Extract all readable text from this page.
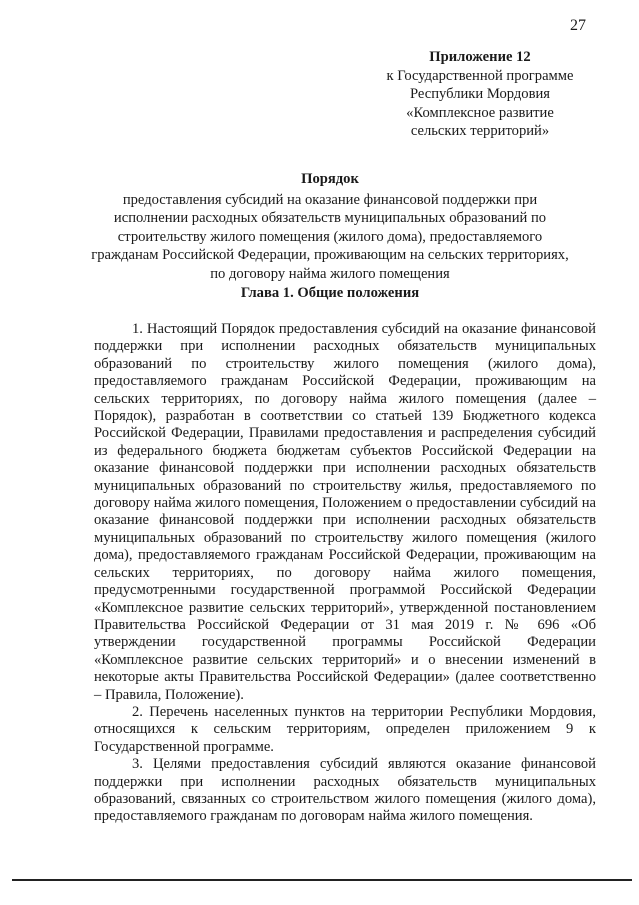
27
Приложение 12
к Государственной программе
Республики Мордовия
«Комплексное развитие
сельских территорий»
Порядок
предоставления субсидий на оказание финансовой поддержки при
исполнении расходных обязательств муниципальных образований по
строительству жилого помещения (жилого дома), предоставляемого
гражданам Российской Федерации, проживающим на сельских территориях,
по договору найма жилого помещения
Глава 1. Общие положения

1. Настоящий Порядок предоставления субсидий на оказание финансовой поддержки при исполнении расходных обязательств муниципальных образований по строительству жилого помещения (жилого дома), предоставляемого гражданам Российской Федерации, проживающим на сельских территориях, по договору найма жилого помещения (далее – Порядок), разработан в соответствии со статьей 139 Бюджетного кодекса Российской Федерации, Правилами предоставления и распределения субсидий из федерального бюджета бюджетам субъектов Российской Федерации на оказание финансовой поддержки при исполнении расходных обязательств муниципальных образований по строительству жилья, предоставляемого по договору найма жилого помещения, Положением о предоставлении субсидий на оказание финансовой поддержки при исполнении расходных обязательств муниципальных образований по строительству жилого помещения (жилого дома), предоставляемого гражданам Российской Федерации, проживающим на сельских территориях, по договору найма жилого помещения, предусмотренными государственной программой Российской Федерации «Комплексное развитие сельских территорий», утвержденной постановлением Правительства Российской Федерации от 31 мая 2019 г. № 696 «Об утверждении государственной программы Российской Федерации «Комплексное развитие сельских территорий» и о внесении изменений в некоторые акты Правительства Российской Федерации» (далее соответственно – Правила, Положение).

2. Перечень населенных пунктов на территории Республики Мордовия, относящихся к сельским территориям, определен приложением 9 к Государственной программе.

3. Целями предоставления субсидий являются оказание финансовой поддержки при исполнении расходных обязательств муниципальных образований, связанных со строительством жилого помещения (жилого дома), предоставляемого гражданам по договорам найма жилого помещения.
